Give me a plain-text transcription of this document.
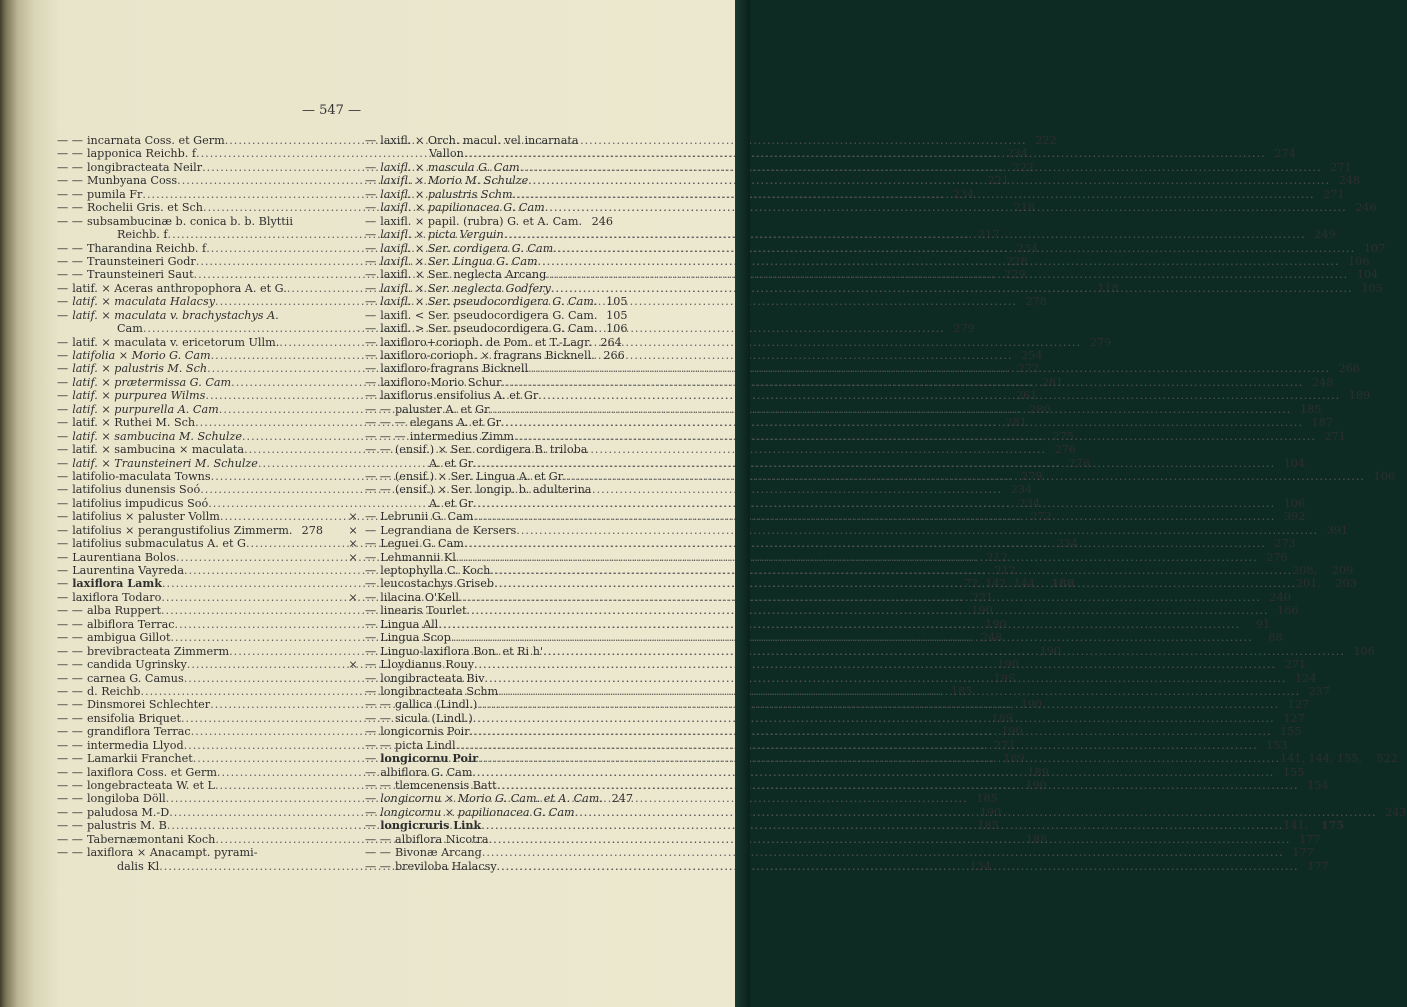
— 547 —
— — incarnata Coss. et Germ .....	222
— — lapponica Reichb. f .....	234
— — longibracteata Neilr .....	222
— — Munbyana Coss .....	221
— — pumila Fr .....	234
— — Rochelii Gris. et Sch .....	218
— — subsambucinæ b. conica b. b. Blyttii
Reichb. f .....	217
— — Tharandina Reichb. f .....	234
— — Traunsteineri Godr .....	228
— — Traunsteineri Saut .....	229
— latif. × Aceras anthropophora A. et G. .....	118
— latif. × maculata Halacsy .....	278
— latif. × maculata v. brachystachys A.
Cam .....	279
— latif. × maculata v. ericetorum Ullm. .....	279
— latifolia × Morio G. Cam .....	254
— latif. × palustris M. Sch .....	272
— latif. × prætermissa G. Cam .....	281
— latif. × purpurea Wilms .....	261
— latif. × purpurella A. Cam .....	280
— latif. × Ruthei M. Sch .....	281
— latif. × sambucina M. Schulze .....	275
— latif. × sambucina × maculata .....	276
— latif. × Traunsteineri M. Schulze .....	278
— latifolio-maculata Towns .....	279
— latifolius dunensis Soó .....	234
— latifolius impudicus Soó .....	234
— latifolius × paluster Vollm .....	272
— latifolius × perangustifolius Zimmerm. ..... 278
— latifolius submaculatus A. et G .....	234
— Laurentiana Bolos .....	212
— Laurentina Vayreda .....	212
— laxiflora Lamk .....	72, 142, 144,	188
— laxiflora Todaro .....	221
— — alba Ruppert .....	190
— — albiflora Terrac .....	190
— — ambigua Gillot .....	248
— — brevibracteata Zimmerm .....	190
— — candida Ugrinsky .....	190
— — carnea G. Camus .....	19S
— — d. Reichb .....	185
— — Dinsmorei Schlechter .....	190
— — ensifolia Briquet .....	189
— — grandiflora Terrac .....	190
— — intermedia Llyod .....	271
— — Lamarkii Franchet .....	189
— — laxiflora Coss. et Germ .....	189
— — longebracteata W. et L .....	190
— — longiloba Döll .....	185
— — paludosa M.-D .....	190
— — palustris M. B .....	185
— — Tabernæmontani Koch .....	188
— — laxiflora × Anacampt. pyrami-
dalis Kl .....	134
— laxifl. × Orch. macul. vel incarnata
Vallon .....	274
— laxifl. × mascula G. Cam .....	271
— laxifl. × Morio M. Schulze .....	248
— laxifl. × palustris Schm .....	271
— laxifl. × papilionacea G. Cam .....	246
— laxifl. × papil. (rubra) G. et A. Cam. ..... 246
— laxifl. × picta Verguin .....	249
— laxifl. × Ser. cordigera G. Cam .....	107
— laxifl. × Ser. Lingua G. Cam .....	106
— laxifl. × Ser. neglecta Arcang .....	104
— laxifl. × Ser. neglecta Godfery .....	105
— laxifl. × Ser. pseudocordigera G. Cam. 105
— laxifl. < Ser. pseudocordigera G. Cam. 105
— laxifl. > Ser. pseudocordigera G. Cam. 106
— laxifloro+corioph. de Pom. et T.-Lagr. 264
— laxifloro-corioph. × fragrans Bicknell. 266
— laxifloro-fragrans Bicknell .....	266
— laxifloro-Morio Schur .....	248
— laxiflorus ensifolius A. et Gr .....	189
— — paluster A. et Gr .....	185
— — — elegans A. et Gr .....	187
— — — intermedius Zimm .....	271
— — (ensif.) × Ser. cordigera B. triloba
A. et Gr .....	104
— — (ensif.) × Ser. Lingua A. et Gr .....	106
— — (ensif.) × Ser. longip. b. adulterina
A. et Gr .....	106
× — Lebrunii G. Cam .....	392
× — Legrandiana de Kersers .....	391
× — Leguei G. Cam .....	273
× — Lehmannii Kl .....	276
— leptophylla C. Koch .....	208,	209
— leucostachys Griseb .....	201,	203
× — lilacina O'Kell .....	240
— linearis Tourlet .....	166
— Lingua All .....	91
— Lingua Scop .....	88
— Linguo-laxiflora Bon. et Ri h' .....	106
× — Lloydianus Rouy .....	271
— longibracteata Biv .....	124
— longibracteata Schm .....	237
— — gallica (Lindl.) .....	127
— — sicula (Lindl.) .....	127
— longicornis Poir .....	155
— — picta Lindl .....	153
— longicornu Poir .....	141, 144, 155,	522
— albiflora G. Cam .....	155
— — tlemcenensis Batt .....	154
— longicornu × Morio G. Cam. et A. Cam. 247
— longicornu × papilionacea G. Cam .....	243
— longicruris Link .....	141,	175
— — albiflora Nicotra .....	177
— — Bivonæ Arcang .....	177
— — breviloba Halacsy .....	177
